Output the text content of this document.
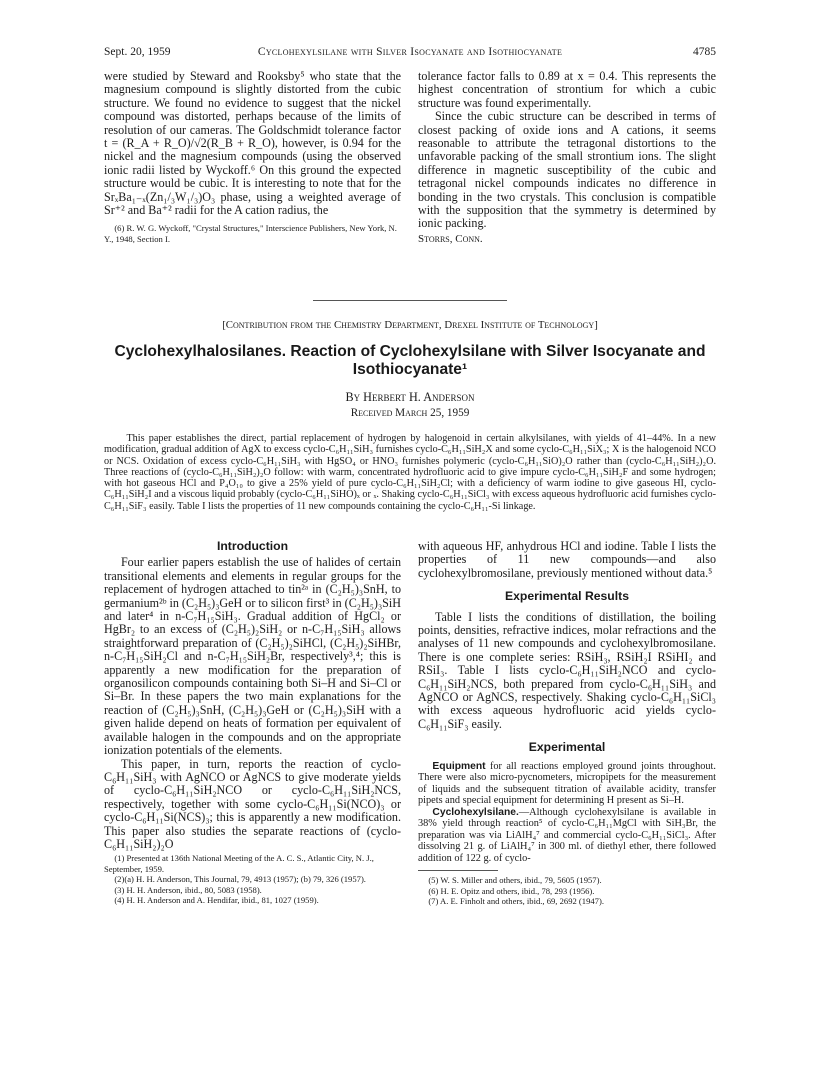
Sept. 20, 1959	Cyclohexylsilane with Silver Isocyanate and Isothiocyanate	4785

were studied by Steward and Rooksby⁵ who state that the magnesium compound is slightly distorted from the cubic structure. We found no evidence to suggest that the nickel compound was distorted, perhaps because of the limits of resolution of our cameras. The Goldschmidt tolerance factor t = (R_A + R_O)/√2(R_B + R_O), however, is 0.94 for the nickel and the magnesium compounds (using the observed ionic radii listed by Wyckoff.⁶ On this ground the expected structure would be cubic. It is interesting to note that for the SrₓBa₁₋ₓ(Zn₁/₃W₁/₃)O₃ phase, using a weighted average of Sr⁺² and Ba⁺² radii for the A cation radius, the

(6) R. W. G. Wyckoff, "Crystal Structures," Interscience Publishers, New York, N. Y., 1948, Section I.

tolerance factor falls to 0.89 at x = 0.4. This represents the highest concentration of strontium for which a cubic structure was found experimentally.

Since the cubic structure can be described in terms of closest packing of oxide ions and A cations, it seems reasonable to attribute the tetragonal distortions to the unfavorable packing of the small strontium ions. The slight difference in magnetic susceptibility of the cubic and tetragonal nickel compounds indicates no difference in bonding in the two crystals. This conclusion is compatible with the supposition that the symmetry is determined by ionic packing.

Storrs, Conn.

[Contribution from the Chemistry Department, Drexel Institute of Technology]
Cyclohexylhalosilanes. Reaction of Cyclohexylsilane with Silver Isocyanate and Isothiocyanate¹
By Herbert H. Anderson
Received March 25, 1959

This paper establishes the direct, partial replacement of hydrogen by halogenoid in certain alkylsilanes, with yields of 41–44%. In a new modification, gradual addition of AgX to excess cyclo-C₆H₁₁SiH₃ furnishes cyclo-C₆H₁₁SiH₂X and some cyclo-C₆H₁₁SiX₃; X is the halogenoid NCO or NCS. Oxidation of excess cyclo-C₆H₁₁SiH₃ with HgSO₄ or HNO₃ furnishes polymeric (cyclo-C₆H₁₁SiO)₂O rather than (cyclo-C₆H₁₁SiH₂)₂O. Three reactions of (cyclo-C₆H₁₁SiH₂)₂O follow: with warm, concentrated hydrofluoric acid to give impure cyclo-C₆H₁₁SiH₂F and some hydrogen; with hot gaseous HCl and P₄O₁₀ to give a 25% yield of pure cyclo-C₆H₁₁SiH₂Cl; with a deficiency of warm iodine to give gaseous HI, cyclo-C₆H₁₁SiH₂I and a viscous liquid probably (cyclo-C₆H₁₁SiHO)ₓ or ₓ. Shaking cyclo-C₆H₁₁SiCl₃ with excess aqueous hydrofluoric acid furnishes cyclo-C₆H₁₁SiF₃ easily. Table I lists the properties of 11 new compounds containing the cyclo-C₆H₁₁-Si linkage.

Introduction

Four earlier papers establish the use of halides of certain transitional elements and elements in regular groups for the replacement of hydrogen attached to tin²ᵃ in (C₂H₅)₃SnH, to germanium²ᵇ in (C₂H₅)₃GeH or to silicon first³ in (C₂H₅)₃SiH and later⁴ in n-C₇H₁₅SiH₃. Gradual addition of HgCl₂ or HgBr₂ to an excess of (C₂H₅)₂SiH₂ or n-C₇H₁₅SiH₃ allows straightforward preparation of (C₂H₅)₂SiHCl, (C₂H₅)₂SiHBr, n-C₇H₁₅SiH₂Cl and n-C₇H₁₅SiH₂Br, respectively³,⁴; this is apparently a new modification for the preparation of organosilicon compounds containing both Si–H and Si–Cl or Si–Br. In these papers the two main explanations for the reaction of (C₂H₅)₃SnH, (C₂H₅)₃GeH or (C₂H₅)₃SiH with a given halide depend on heats of formation per equivalent of available halogen in the compounds and on the appropriate ionization potentials of the elements.

This paper, in turn, reports the reaction of cyclo-C₆H₁₁SiH₃ with AgNCO or AgNCS to give moderate yields of cyclo-C₆H₁₁SiH₂NCO or cyclo-C₆H₁₁SiH₂NCS, respectively, together with some cyclo-C₆H₁₁Si(NCO)₃ or cyclo-C₆H₁₁Si(NCS)₃; this is apparently a new modification. This paper also studies the separate reactions of (cyclo-C₆H₁₁SiH₂)₂O

(1) Presented at 136th National Meeting of the A. C. S., Atlantic City, N. J., September, 1959.

(2)(a) H. H. Anderson, This Journal, 79, 4913 (1957); (b) 79, 326 (1957).

(3) H. H. Anderson, ibid., 80, 5083 (1958).

(4) H. H. Anderson and A. Hendifar, ibid., 81, 1027 (1959).

with aqueous HF, anhydrous HCl and iodine. Table I lists the properties of 11 new compounds—and also cyclohexylbromosilane, previously mentioned without data.⁵

Experimental Results

Table I lists the conditions of distillation, the boiling points, densities, refractive indices, molar refractions and the analyses of 11 new compounds and cyclohexylbromosilane. There is one complete series: RSiH₃, RSiH₂I RSiHI₂ and RSiI₃. Table I lists cyclo-C₆H₁₁SiH₂NCO and cyclo-C₆H₁₁SiH₂NCS, both prepared from cyclo-C₆H₁₁SiH₃ and AgNCO or AgNCS, respectively. Shaking cyclo-C₆H₁₁SiCl₃ with excess aqueous hydrofluoric acid yields cyclo-C₆H₁₁SiF₃ easily.

Experimental

Equipment for all reactions employed ground joints throughout. There were also micro-pycnometers, micropipets for the measurement of liquids and the subsequent titration of available acidity, transfer pipets and special equipment for determining H present as Si–H.

Cyclohexylsilane.—Although cyclohexylsilane is available in 38% yield through reaction⁵ of cyclo-C₆H₁₁MgCl with SiH₃Br, the preparation was via LiAlH₄⁷ and commercial cyclo-C₆H₁₁SiCl₃. After dissolving 21 g. of LiAlH₄⁷ in 300 ml. of diethyl ether, there followed addition of 122 g. of cyclo-

(5) W. S. Miller and others, ibid., 79, 5605 (1957).

(6) H. E. Opitz and others, ibid., 78, 293 (1956).

(7) A. E. Finholt and others, ibid., 69, 2692 (1947).
